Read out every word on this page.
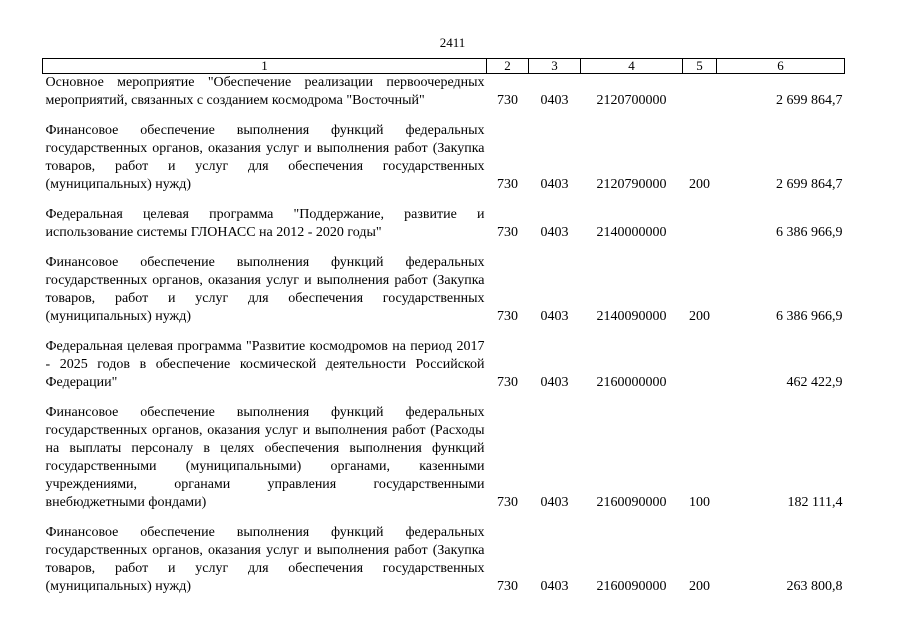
2411
1	2	3	4	5	6
Основное мероприятие "Обеспечение реализации первоочередных мероприятий, связанных с созданием космодрома "Восточный"	730	0403	2120700000		2 699 864,7
Финансовое обеспечение выполнения функций федеральных государственных органов, оказания услуг и выполнения работ (Закупка товаров, работ и услуг для обеспечения государственных (муниципальных) нужд)	730	0403	2120790000	200	2 699 864,7
Федеральная целевая программа "Поддержание, развитие и использование системы ГЛОНАСС на 2012 - 2020 годы"	730	0403	2140000000		6 386 966,9
Финансовое обеспечение выполнения функций федеральных государственных органов, оказания услуг и выполнения работ (Закупка товаров, работ и услуг для обеспечения государственных (муниципальных) нужд)	730	0403	2140090000	200	6 386 966,9
Федеральная целевая программа "Развитие космодромов на период 2017 - 2025 годов в обеспечение космической деятельности Российской Федерации"	730	0403	2160000000		462 422,9
Финансовое обеспечение выполнения функций федеральных государственных органов, оказания услуг и выполнения работ (Расходы на выплаты персоналу в целях обеспечения выполнения функций государственными (муниципальными) органами, казенными учреждениями, органами управления государственными внебюджетными фондами)	730	0403	2160090000	100	182 111,4
Финансовое обеспечение выполнения функций федеральных государственных органов, оказания услуг и выполнения работ (Закупка товаров, работ и услуг для обеспечения государственных (муниципальных) нужд)	730	0403	2160090000	200	263 800,8
